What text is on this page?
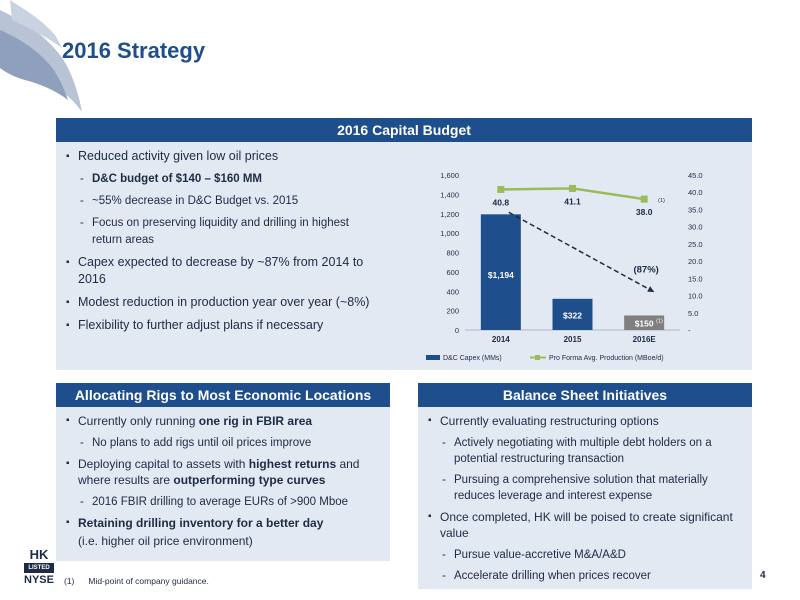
2016 Strategy
2016 Capital Budget
▪ Reduced activity given low oil prices
- D&C budget of $140 – $160 MM
- ~55% decrease in D&C Budget vs. 2015
- Focus on preserving liquidity and drilling in highest return areas
▪ Capex expected to decrease by ~87% from 2014 to 2016
▪ Modest reduction in production year over year (~8%)
▪ Flexibility to further adjust plans if necessary	0
200
400
600
800
1,000
1,200
1,400
1,600
-
5.0
10.0
15.0
20.0
25.0
30.0
35.0
40.0
45.0
$1,194
2014
$322
2015
$150
2016E
(1)
40.8	41.1
38.0
(1)
(87%)
D&C Capex (MMs)	Pro Forma Avg. Production (MBoe/d)
Allocating Rigs to Most Economic Locations
▪ Currently only running one rig in FBIR area
- No plans to add rigs until oil prices improve
▪ Deploying capital to assets with highest returns and where results are outperforming type curves
- 2016 FBIR drilling to average EURs of >900 Mboe
▪ Retaining drilling inventory for a better day
(i.e. higher oil price environment)
Balance Sheet Initiatives
▪ Currently evaluating restructuring options
- Actively negotiating with multiple debt holders on a potential restructuring transaction
- Pursuing a comprehensive solution that materially reduces leverage and interest expense
▪ Once completed, HK will be poised to create significant value
- Pursue value-accretive M&A/A&D
- Accelerate drilling when prices recover
HK
LISTED
NYSE (1) Mid-point of company guidance.	4
